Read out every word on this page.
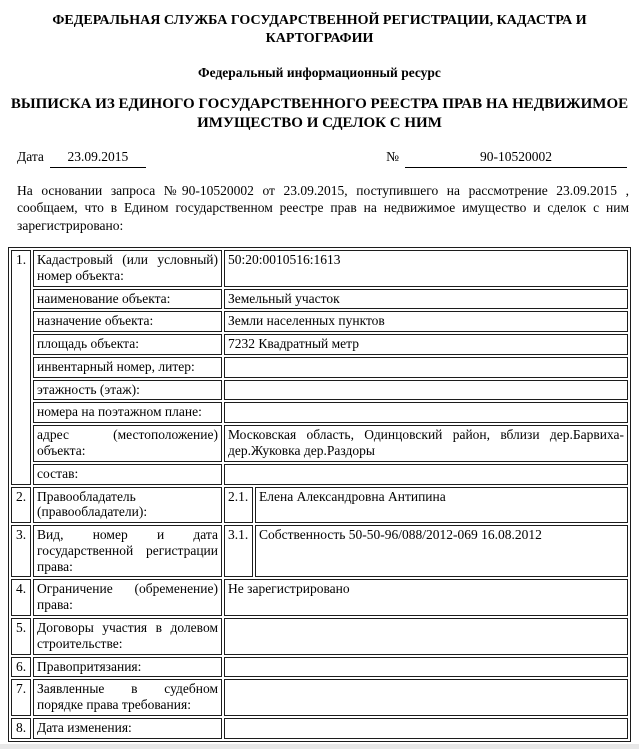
ФЕДЕРАЛЬНАЯ СЛУЖБА ГОСУДАРСТВЕННОЙ РЕГИСТРАЦИИ, КАДАСТРА И КАРТОГРАФИИ
Федеральный информационный ресурс
ВЫПИСКА ИЗ ЕДИНОГО ГОСУДАРСТВЕННОГО РЕЕСТРА ПРАВ НА НЕДВИЖИМОЕ ИМУЩЕСТВО И СДЕЛОК С НИМ
Дата 23.09.2015	№	90-10520002

На основании запроса №90-10520002 от 23.09.2015, поступившего на рассмотрение 23.09.2015 , сообщаем, что в Едином государственном реестре прав на недвижимое имущество и сделок с ним зарегистрировано:

1.	Кадастровый (или условный) номер объекта:	50:20:0010516:1613	
	наименование объекта:	Земельный участок	
	назначение объекта:	Земли населенных пунктов	
	площадь объекта:	7232 Квадратный метр	
	инвентарный номер, литер:		
	этажность (этаж):		
	номера на поэтажном плане:		
	адрес (местоположение) объекта:	Московская область, Одинцовский район, вблизи дер.Барвиха-дер.Жуковка дер.Раздоры	
	состав:		
2.	Правообладатель (правообладатели):	2.1.	Елена Александровна Антипина
3.	Вид, номер и дата государственной регистрации права:	3.1.	Собственность 50-50-96/088/2012-069 16.08.2012
4.	Ограничение (обременение) права:	Не зарегистрировано	
5.	Договоры участия в долевом строительстве:		
6.	Правопритязания:		
7.	Заявленные в судебном порядке права требования:		
8.	Дата изменения:		
